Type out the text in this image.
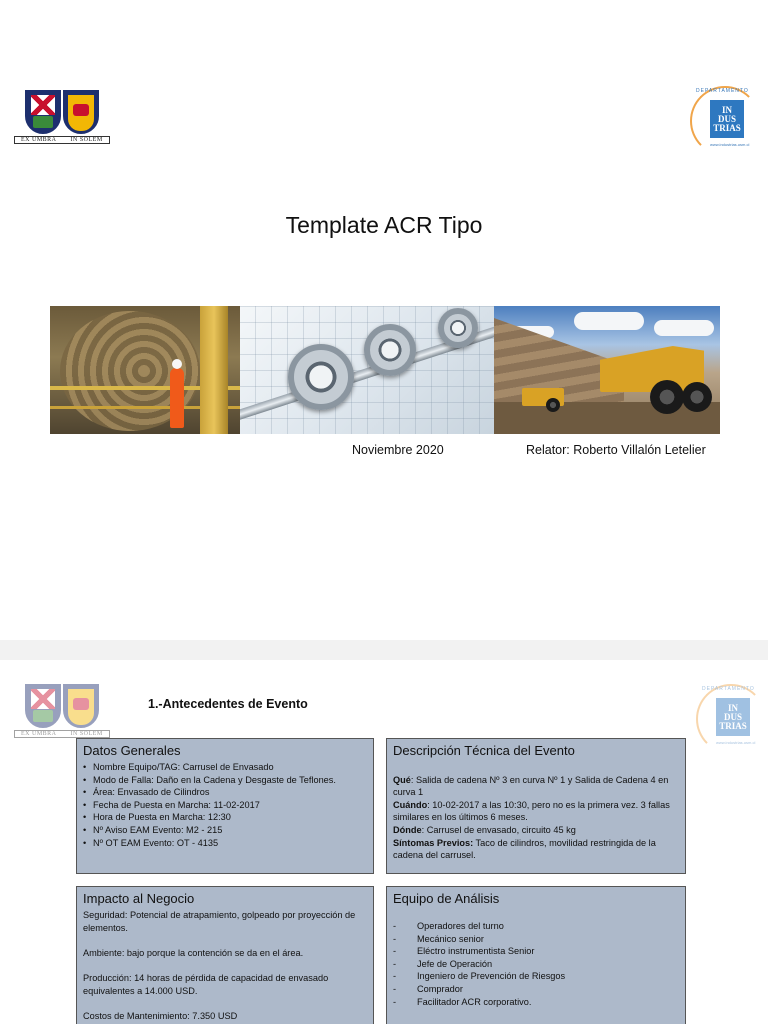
EX UMBRA IN SOLEM
DEPARTAMENTO
IN
DUS
TRIAS
www.industrias.usm.cl
Template ACR Tipo
Noviembre 2020	Relator: Roberto Villalón Letelier
EX UMBRA IN SOLEM
DEPARTAMENTO
IN
DUS
TRIAS
www.industrias.usm.cl
1.-Antecedentes de Evento
Datos Generales
• Nombre Equipo/TAG: Carrusel de Envasado
• Modo de Falla: Daño en la Cadena y Desgaste de Teflones.
• Área: Envasado de Cilindros
• Fecha de Puesta en Marcha: 11-02-2017
• Hora de Puesta en Marcha: 12:30
• Nº Aviso EAM Evento: M2 - 215
• Nº OT EAM Evento: OT - 4135
Descripción Técnica del Evento

Qué: Salida de cadena Nº 3 en curva Nº 1 y Salida de Cadena 4 en curva 1

Cuándo: 10-02-2017 a las 10:30, pero no es la primera vez. 3 fallas similares en los últimos 6 meses.

Dónde: Carrusel de envasado, circuito 45 kg

Síntomas Previos: Taco de cilindros, movilidad restringida de la cadena del carrusel.

Impacto al Negocio

Seguridad: Potencial de atrapamiento, golpeado por proyección de elementos.

Ambiente: bajo porque la contención se da en el área.

Producción: 14 horas de pérdida de capacidad de envasado equivalentes a 14.000 USD.

Costos de Mantenimiento: 7.350 USD

Equipo de Análisis
- Operadores del turno
- Mecánico senior
- Eléctro instrumentista Senior
- Jefe de Operación
- Ingeniero de Prevención de Riesgos
- Comprador
- Facilitador ACR corporativo.
